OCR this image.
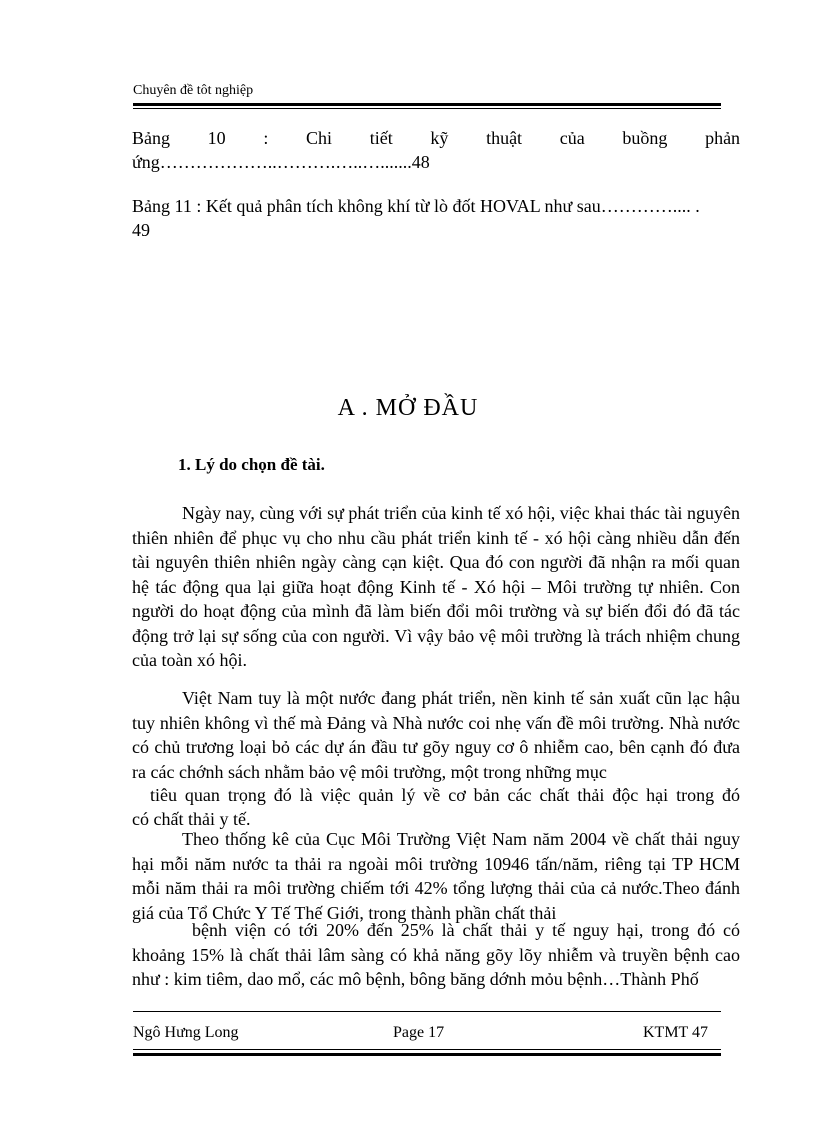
Chuyên đề tôt nghiệp
Bảng 10 : Chi tiết kỹ thuật của buồng phản
ứng………………..……….…..….......48
Bảng 11 : Kết quả phân tích không khí từ lò đốt HOVAL như sau………….... .
49
A . MỞ ĐẦU
1. Lý do chọn đề tài.

Ngày nay, cùng với sự phát triển của kinh tế xó hội, việc khai thác tài nguyên thiên nhiên để phục vụ cho nhu cầu phát triển kinh tế - xó hội càng nhiều dẫn đến tài nguyên thiên nhiên ngày càng cạn kiệt. Qua đó con người đã nhận ra mối quan hệ tác động qua lại giữa hoạt động Kinh tế - Xó hội – Môi trường tự nhiên. Con người do hoạt động của mình đã làm biến đổi môi trường và sự biến đổi đó đã tác động trở lại sự sống của con người. Vì vậy bảo vệ môi trường là trách nhiệm chung của toàn xó hội.

Việt Nam tuy là một nước đang phát triển, nền kinh tế sản xuất cũn lạc hậu tuy nhiên không vì thế mà Đảng và Nhà nước coi nhẹ vấn đề môi trường. Nhà nước có chủ trương loại bỏ các dự án đầu tư gõy nguy cơ ô nhiễm cao, bên cạnh đó đưa ra các chớnh sách nhằm bảo vệ môi trường, một trong những mục

tiêu quan trọng đó là việc quản lý về cơ bản các chất thải độc hại trong đó
có chất thải y tế.

Theo thống kê của Cục Môi Trường Việt Nam năm 2004 về chất thải nguy hại mỗi năm nước ta thải ra ngoài môi trường 10946 tấn/năm, riêng tại TP HCM mỗi năm thải ra môi trường chiếm tới 42% tổng lượng thải của cả nước.Theo đánh giá của Tổ Chức Y Tế Thế Giới, trong thành phần chất thải

bệnh viện có tới 20% đến 25% là chất thải y tế nguy hại, trong đó có khoảng 15% là chất thải lâm sàng có khả năng gõy lõy nhiễm và truyền bệnh cao như : kim tiêm, dao mổ, các mô bệnh, bông băng dớnh mỏu bệnh…Thành Phố

Ngô Hưng Long	Page 17	KTMT 47
